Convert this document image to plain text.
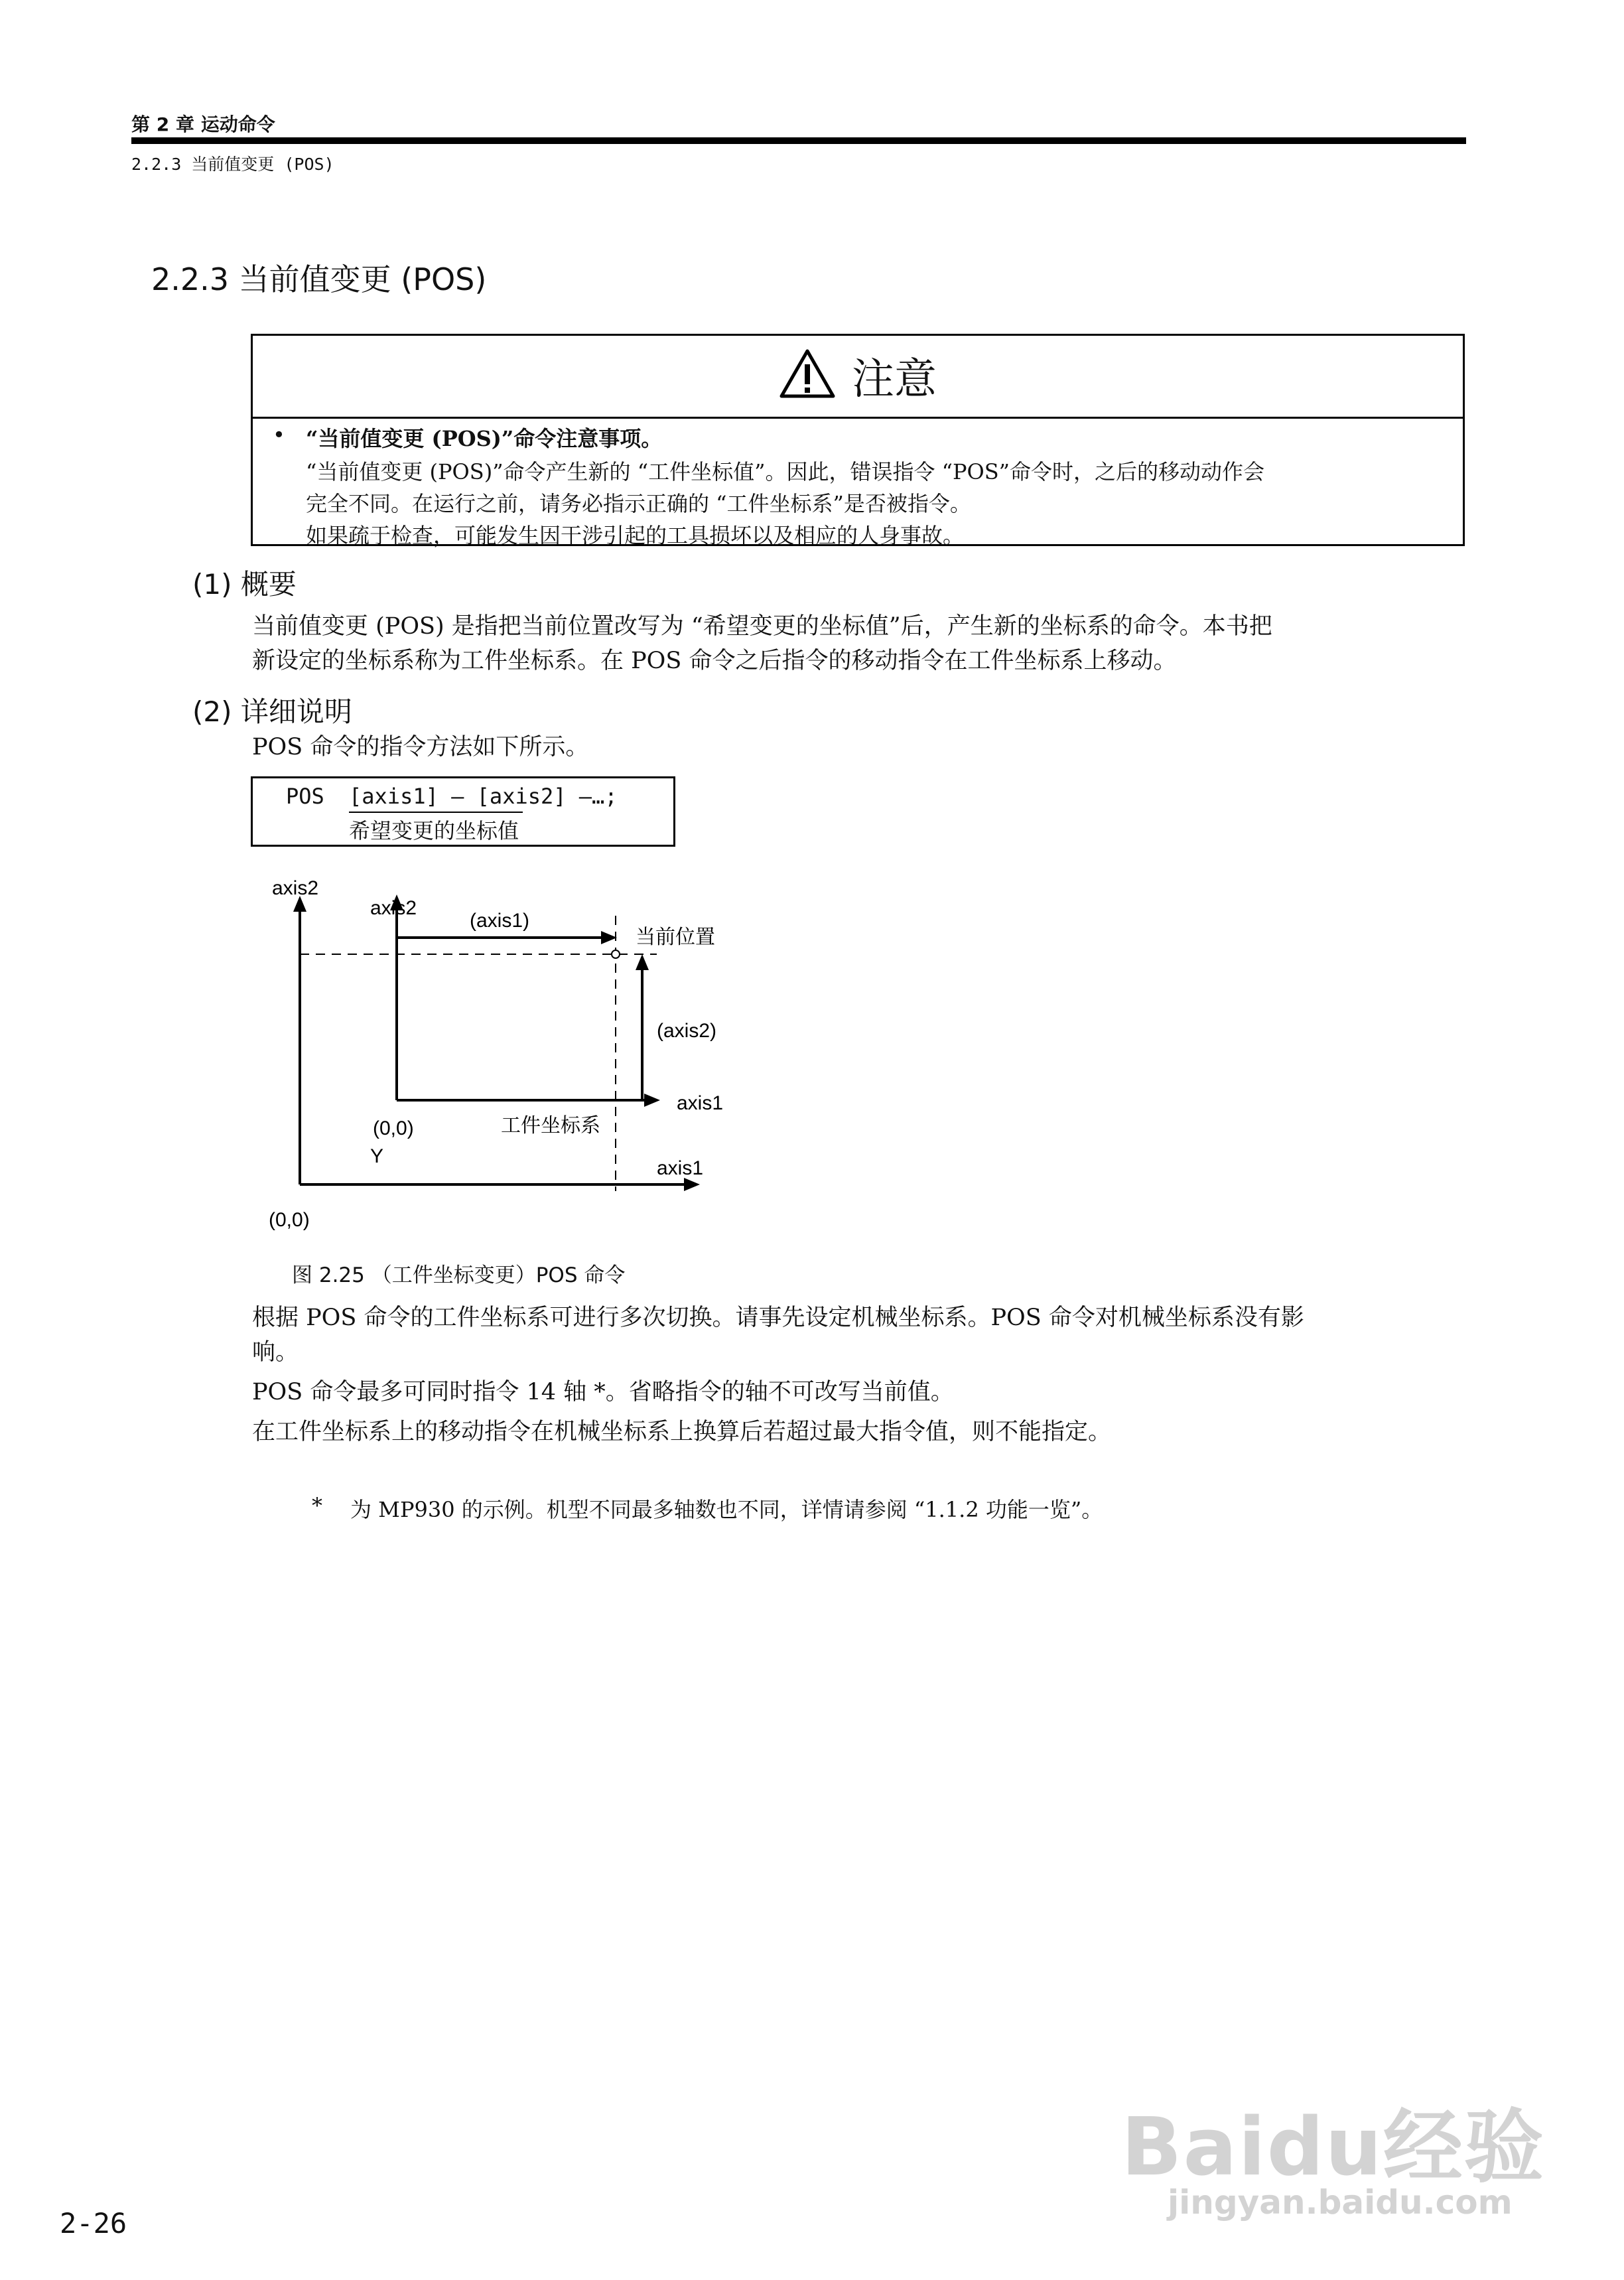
第 2 章 运动命令
2.2.3 当前值变更 (POS)
2.2.3 当前值变更 (POS)
注意
• “当前值变更 (POS)”命令注意事项。
“当前值变更 (POS)”命令产生新的 “工件坐标值”。因此，错误指令 “POS”命令时，之后的移动动作会
完全不同。在运行之前，请务必指示正确的 “工件坐标系”是否被指令。
如果疏于检查，可能发生因干涉引起的工具损坏以及相应的人身事故。
(1) 概要
当前值变更 (POS) 是指把当前位置改写为 “希望变更的坐标值”后，产生新的坐标系的命令。本书把
新设定的坐标系称为工件坐标系。在 POS 命令之后指令的移动指令在工件坐标系上移动。
(2) 详细说明
POS 命令的指令方法如下所示。
POS [axis1] — [axis2] —…;
希望变更的坐标值
axis2
axis1
(0,0)
axis2
axis1
(0,0)
Y
(axis1)
(axis2)
当前位置
工件坐标系
图 2.25 （工件坐标变更）POS 命令
根据 POS 命令的工件坐标系可进行多次切换。请事先设定机械坐标系。POS 命令对机械坐标系没有影
响。
POS 命令最多可同时指令 14 轴 *。省略指令的轴不可改写当前值。
在工件坐标系上的移动指令在机械坐标系上换算后若超过最大指令值，则不能指定。
* 为 MP930 的示例。机型不同最多轴数也不同，详情请参阅 “1.1.2 功能一览”。
2-26
Baidu经验
jingyan.baidu.com
